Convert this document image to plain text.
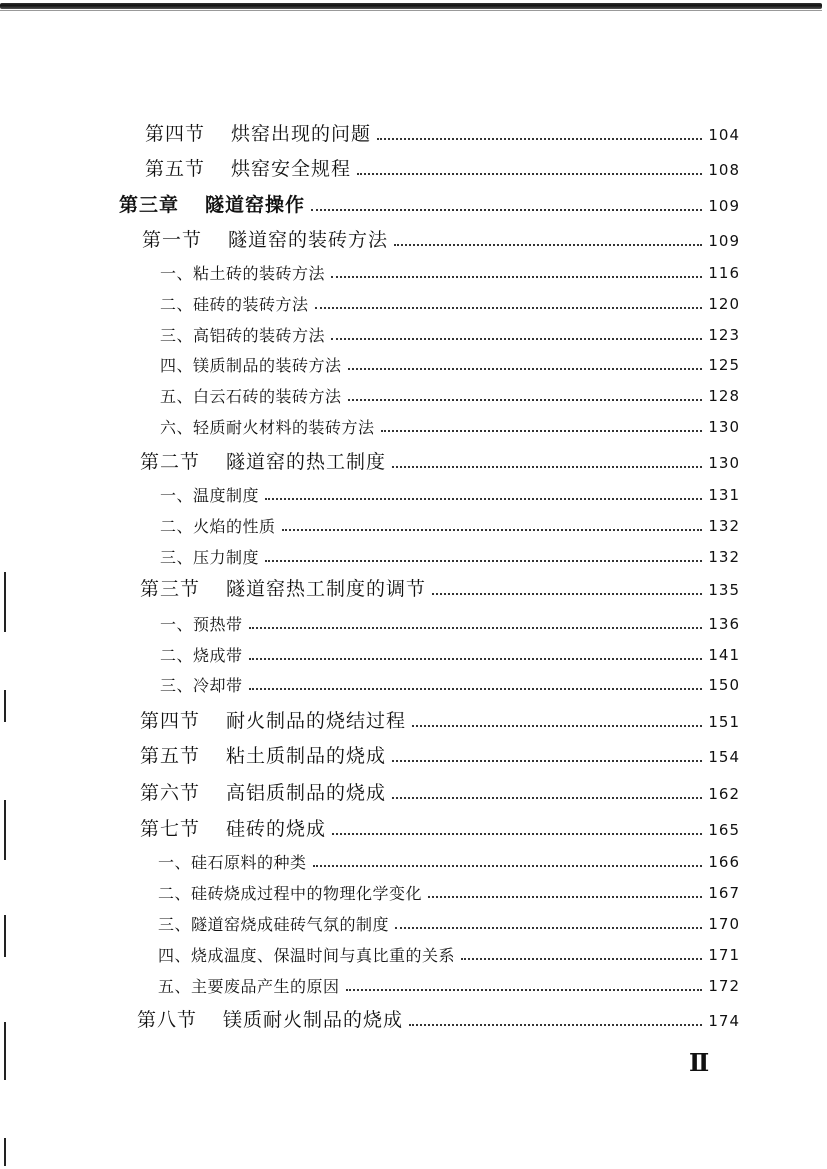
第四节 烘窑出现的问题	104
第五节 烘窑安全规程	108
第三章 隧道窑操作	109
第一节 隧道窑的装砖方法	109
一、粘土砖的装砖方法	116
二、硅砖的装砖方法	120
三、高铝砖的装砖方法	123
四、镁质制品的装砖方法	125
五、白云石砖的装砖方法	128
六、轻质耐火材料的装砖方法	130
第二节 隧道窑的热工制度	130
一、温度制度	131
二、火焰的性质	132
三、压力制度	132
第三节 隧道窑热工制度的调节	135
一、预热带	136
二、烧成带	141
三、冷却带	150
第四节 耐火制品的烧结过程	151
第五节 粘土质制品的烧成	154
第六节 高铝质制品的烧成	162
第七节 硅砖的烧成	165
一、硅石原料的种类	166
二、硅砖烧成过程中的物理化学变化	167
三、隧道窑烧成硅砖气氛的制度	170
四、烧成温度、保温时间与真比重的关系	171
五、主要废品产生的原因	172
第八节 镁质耐火制品的烧成	174
Ⅱ
